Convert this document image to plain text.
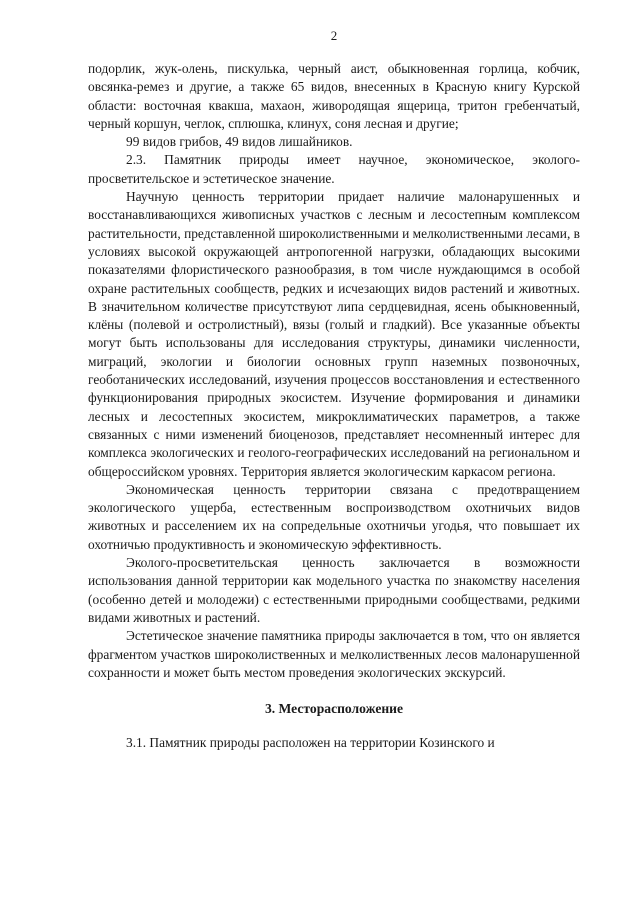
2

подорлик, жук-олень, пискулька, черный аист, обыкновенная горлица, кобчик, овсянка-ремез и другие, а также 65 видов, внесенных в Красную книгу Курской области: восточная квакша, махаон, живородящая ящерица, тритон гребенчатый, черный коршун, чеглок, сплюшка, клинух, соня лесная и другие;

99 видов грибов, 49 видов лишайников.

2.3. Памятник природы имеет научное, экономическое, эколого-просветительское и эстетическое значение.

Научную ценность территории придает наличие малонарушенных и восстанавливающихся живописных участков с лесным и лесостепным комплексом растительности, представленной широколиственными и мелколиственными лесами, в условиях высокой окружающей антропогенной нагрузки, обладающих высокими показателями флористического разнообразия, в том числе нуждающимся в особой охране растительных сообществ, редких и исчезающих видов растений и животных. В значительном количестве присутствуют липа сердцевидная, ясень обыкновенный, клёны (полевой и остролистный), вязы (голый и гладкий). Все указанные объекты могут быть использованы для исследования структуры, динамики численности, миграций, экологии и биологии основных групп наземных позвоночных, геоботанических исследований, изучения процессов восстановления и естественного функционирования природных экосистем. Изучение формирования и динамики лесных и лесостепных экосистем, микроклиматических параметров, а также связанных с ними изменений биоценозов, представляет несомненный интерес для комплекса экологических и геолого-географических исследований на региональном и общероссийском уровнях. Территория является экологическим каркасом региона.

Экономическая ценность территории связана с предотвращением экологического ущерба, естественным воспроизводством охотничьих видов животных и расселением их на сопредельные охотничьи угодья, что повышает их охотничью продуктивность и экономическую эффективность.

Эколого-просветительская ценность заключается в возможности использования данной территории как модельного участка по знакомству населения (особенно детей и молодежи) с естественными природными сообществами, редкими видами животных и растений.

Эстетическое значение памятника природы заключается в том, что он является фрагментом участков широколиственных и мелколиственных лесов малонарушенной сохранности и может быть местом проведения экологических экскурсий.

3. Месторасположение

3.1. Памятник природы расположен на территории Козинского и
